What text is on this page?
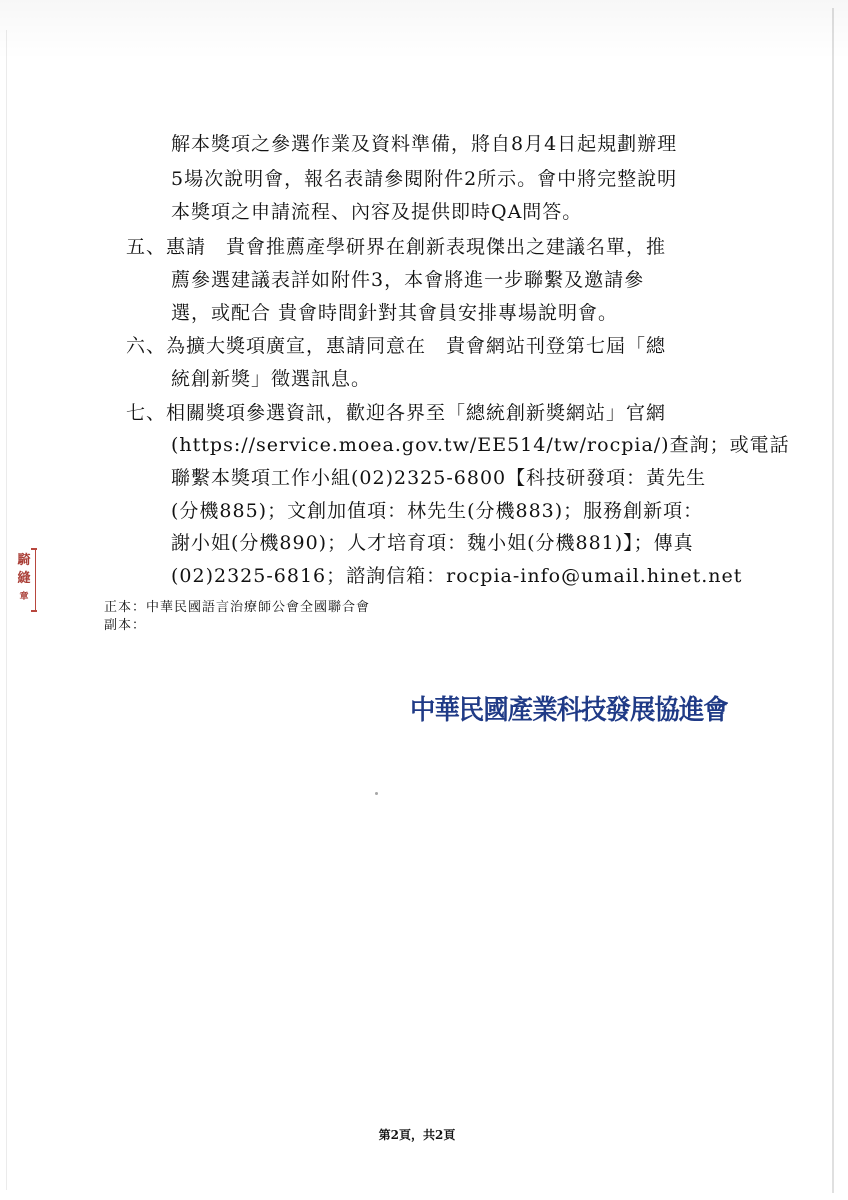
解本獎項之參選作業及資料準備，將自8月4日起規劃辦理
5場次說明會，報名表請參閱附件2所示。會中將完整說明
本獎項之申請流程、內容及提供即時QA問答。
五、惠請　貴會推薦產學研界在創新表現傑出之建議名單，推
薦參選建議表詳如附件3，本會將進一步聯繫及邀請參
選，或配合 貴會時間針對其會員安排專場說明會。
六、為擴大獎項廣宣，惠請同意在　貴會網站刊登第七屆「總
統創新獎」徵選訊息。
七、相關獎項參選資訊，歡迎各界至「總統創新獎網站」官網
(https://service.moea.gov.tw/EE514/tw/rocpia/)查詢；或電話
聯繫本獎項工作小組(02)2325-6800【科技研發項：黃先生
(分機885)；文創加值項：林先生(分機883)；服務創新項：
謝小姐(分機890)；人才培育項：魏小姐(分機881)】；傳真
(02)2325-6816；諮詢信箱：rocpia-info@umail.hinet.net
正本：中華民國語言治療師公會全國聯合會
副本：
騎
縫
章
中華民國產業科技發展協進會
第2頁，共2頁
